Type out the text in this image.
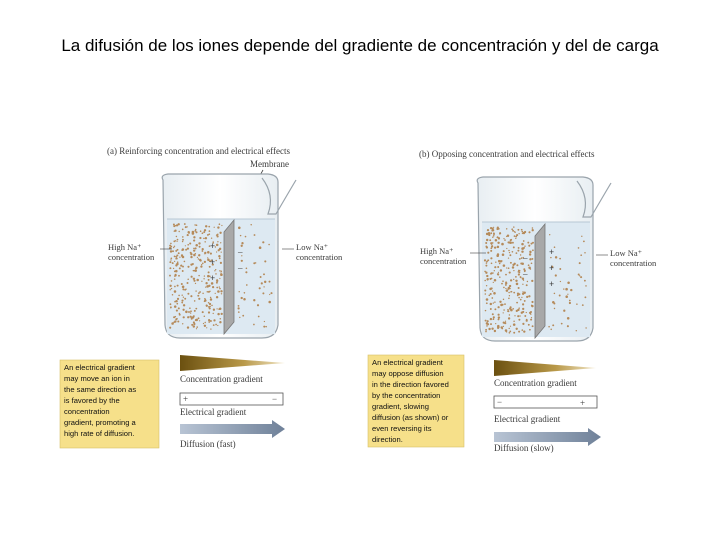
La difusión de los iones depende del gradiente de concentración y del de carga
(a) Reinforcing concentration and electrical effects
Membrane
+
+
+
–
–
High Na⁺
concentration
Low Na⁺
concentration
An electrical gradient may move an ion in the same direction as is favored by the concentration gradient, promoting a high rate of diffusion.
Concentration gradient
+	−
Electrical gradient
Diffusion (fast)
(b) Opposing concentration and electrical effects
+
+
+
–
–
High Na⁺
concentration
Low Na⁺
concentration
An electrical gradient may oppose diffusion in the direction favored by the concentration gradient, slowing diffusion (as shown) or even reversing its direction.
Concentration gradient
−	+
Electrical gradient
Diffusion (slow)
